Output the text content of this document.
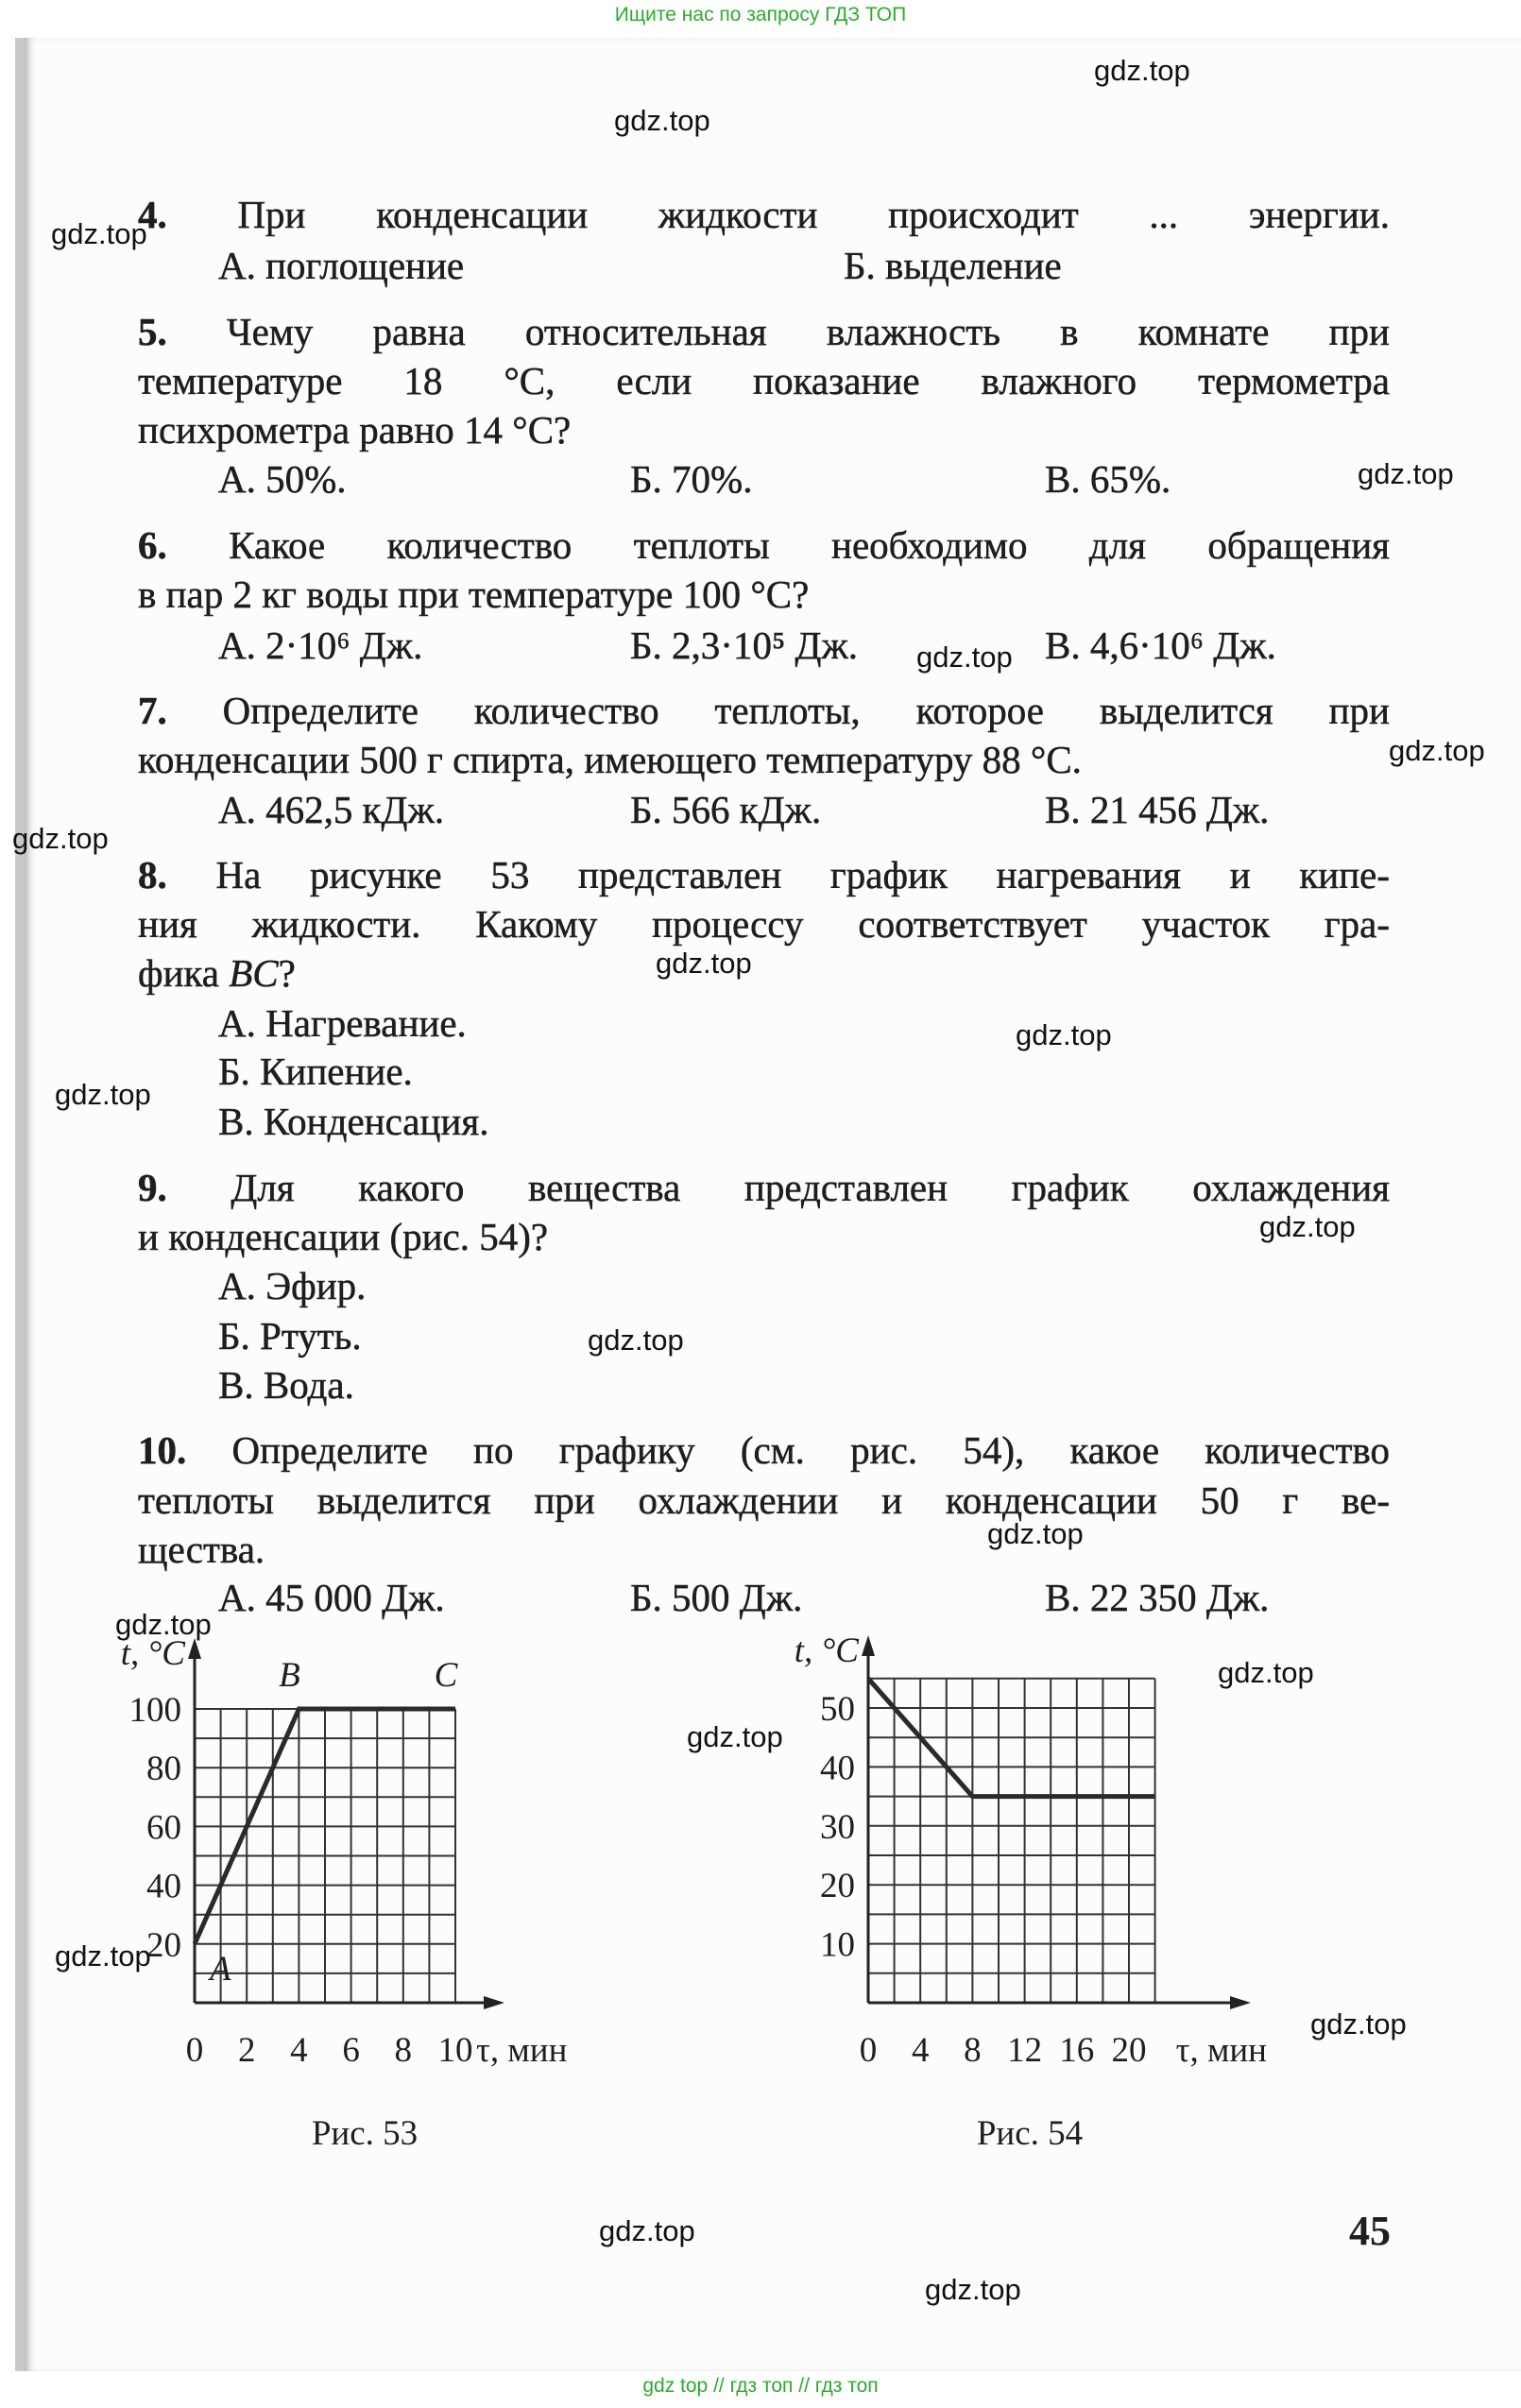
Ищите нас по запросу ГДЗ ТОП
4. При конденсации жидкости происходит ... энергии.
А. поглощение	Б. выделение
5. Чему равна относительная влажность в комнате при
температуре 18 °С, если показание влажного термометра
психрометра равно 14 °С?
А. 50%.	Б. 70%.	В. 65%.
6. Какое количество теплоты необходимо для обращения
в пар 2 кг воды при температуре 100 °С?
А. 2·10⁶ Дж.	Б. 2,3·10⁵ Дж.	В. 4,6·10⁶ Дж.
7. Определите количество теплоты, которое выделится при
конденсации 500 г спирта, имеющего температуру 88 °С.
А. 462,5 кДж.	Б. 566 кДж.	В. 21 456 Дж.
8. На рисунке 53 представлен график нагревания и кипе-
ния жидкости. Какому процессу соответствует участок гра-
фика BC?
А. Нагревание.
Б. Кипение.
В. Конденсация.
9. Для какого вещества представлен график охлаждения
и конденсации (рис. 54)?
А. Эфир.
Б. Ртуть.
В. Вода.
10. Определите по графику (см. рис. 54), какое количество
теплоты выделится при охлаждении и конденсации 50 г ве-
щества.
А. 45 000 Дж.	Б. 500 Дж.	В. 22 350 Дж.
0 2 4 6 8 10
20
40
60
80
100
t, °С
τ, мин
A
B	C
Рис. 53
0 4 8 12 16 20
10
20
30
40
50
t, °С
τ, мин
Рис. 54
45
gdz top // гдз топ // гдз топ
gdz.top
gdz.top
gdz.top
gdz.top
gdz.top
gdz.top
gdz.top
gdz.top
gdz.top
gdz.top
gdz.top
gdz.top
gdz.top
gdz.top
gdz.top
gdz.top
gdz.top
gdz.top
gdz.top
gdz.top
